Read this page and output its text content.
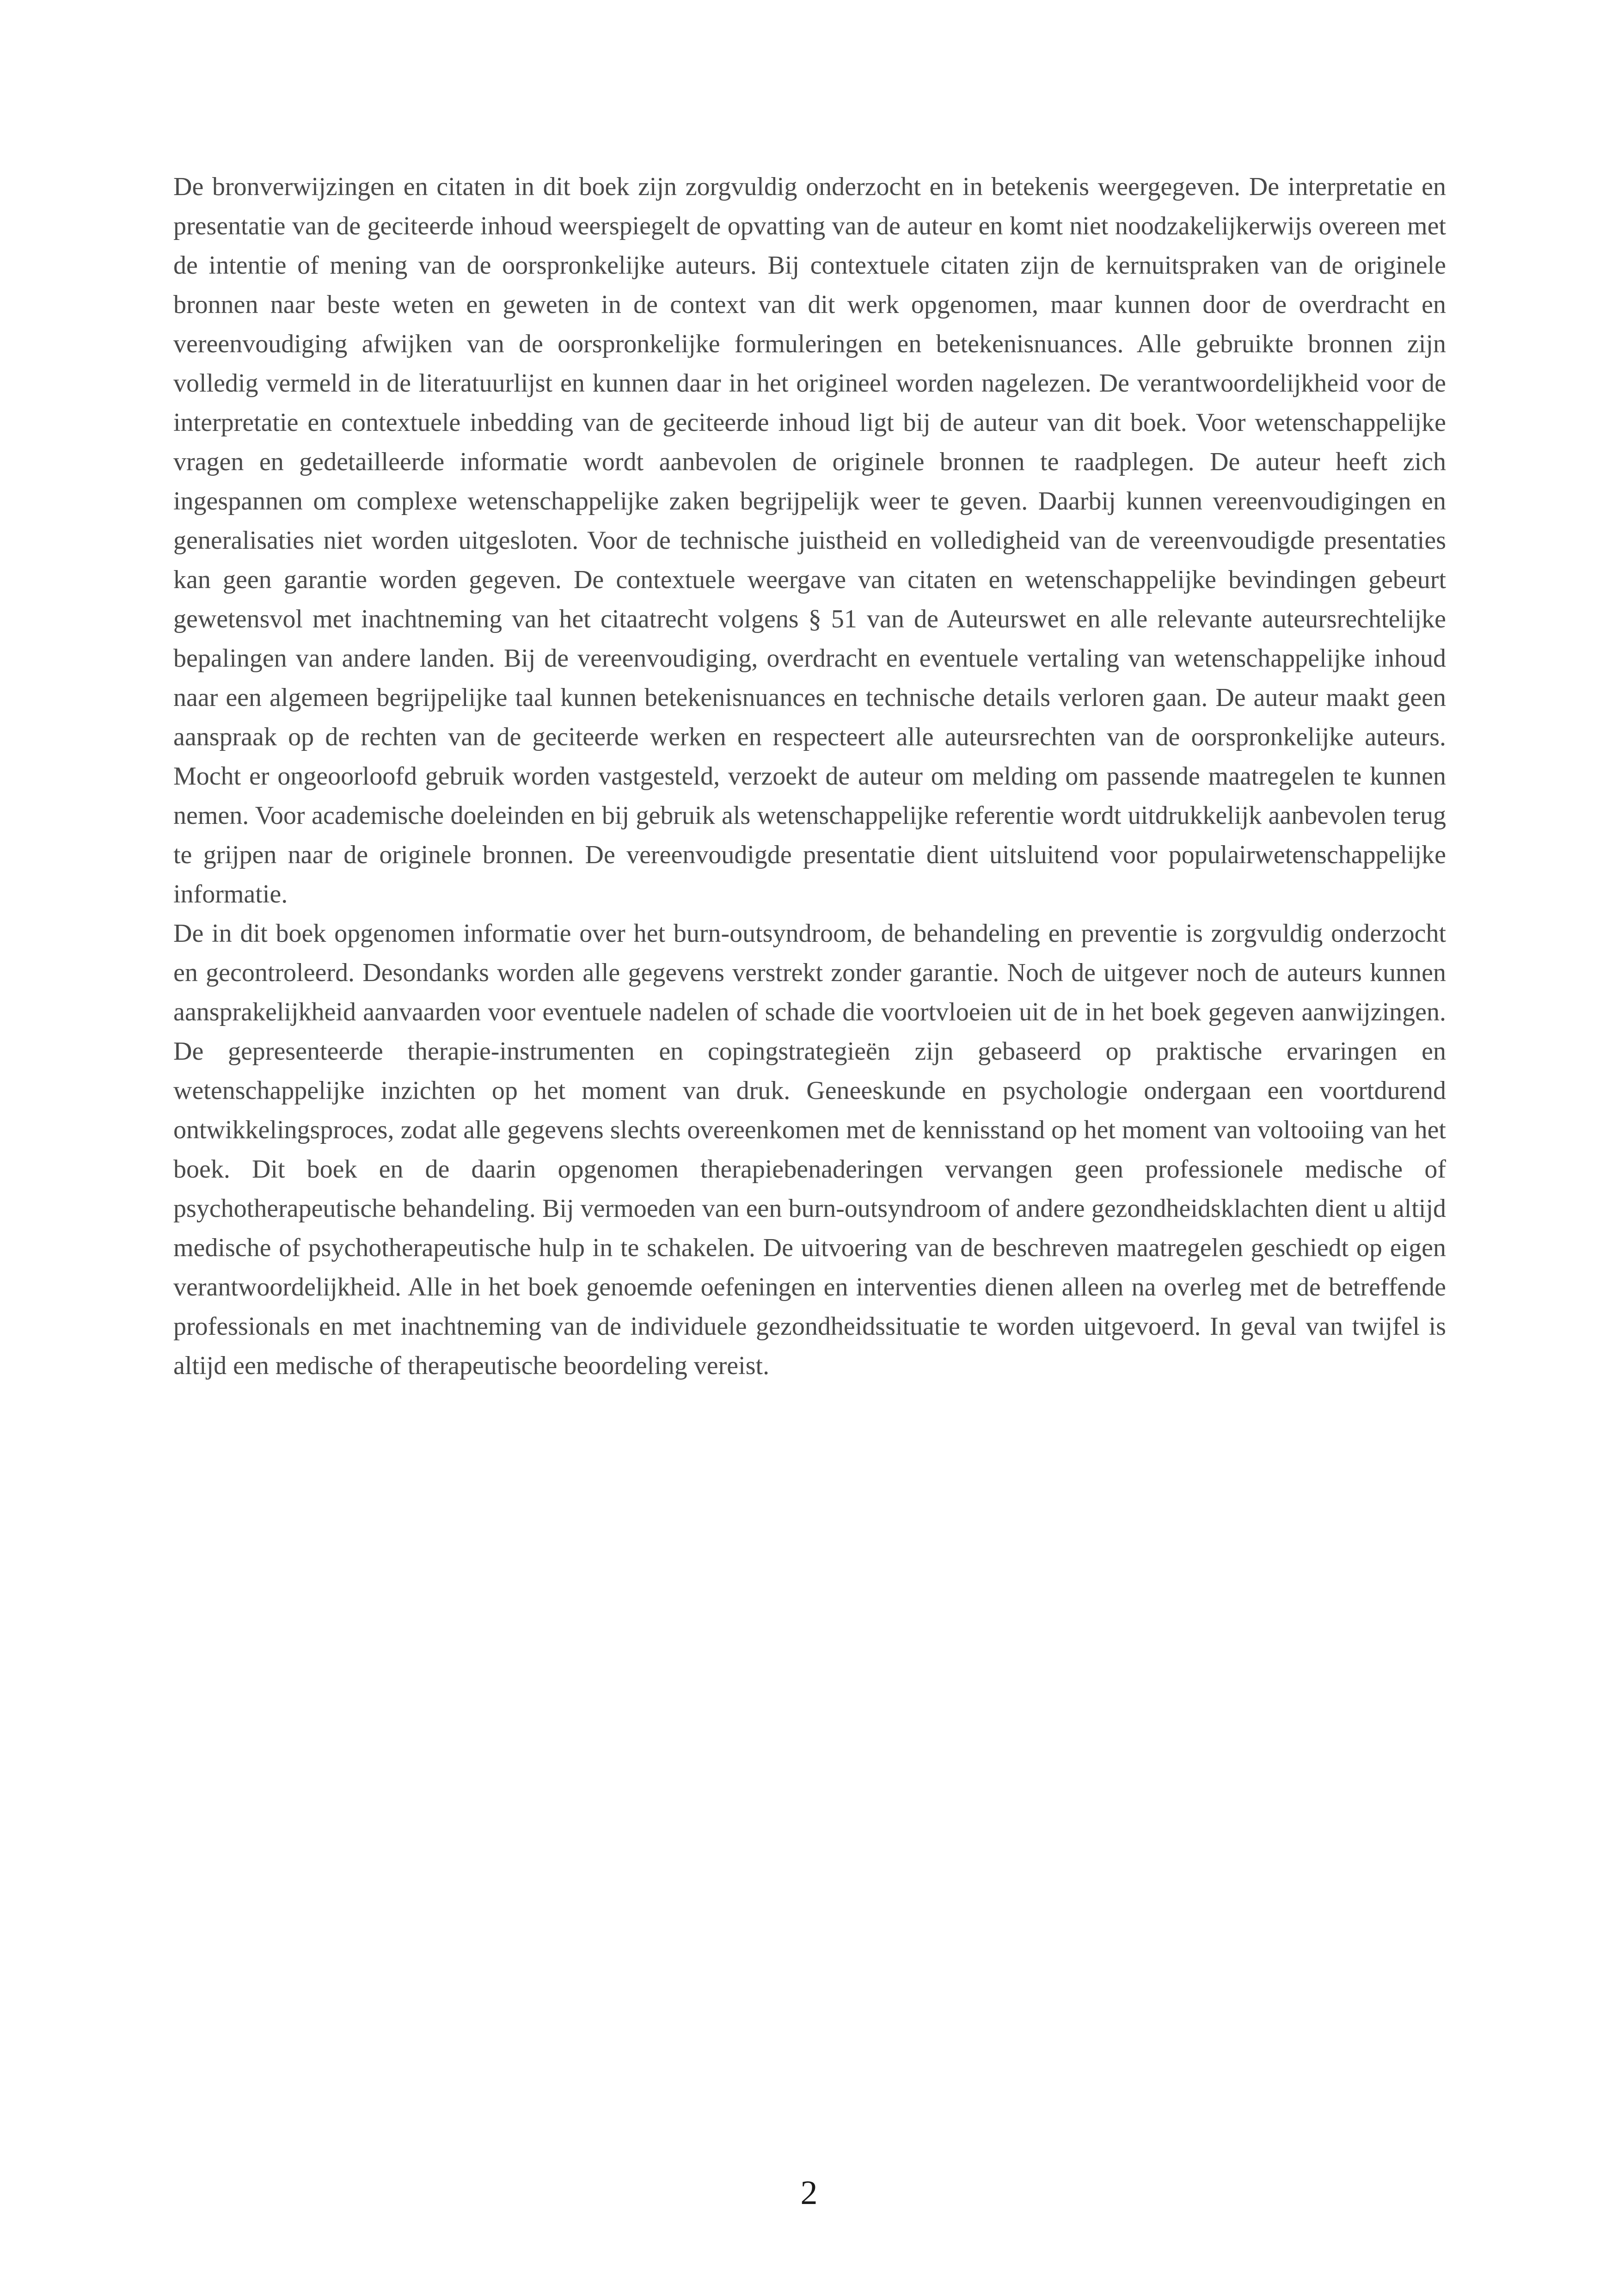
De bronverwijzingen en citaten in dit boek zijn zorgvuldig onderzocht en in betekenis weergegeven. De interpretatie en presentatie van de geciteerde inhoud weerspiegelt de opvatting van de auteur en komt niet noodzakelijkerwijs overeen met de intentie of mening van de oorspronkelijke auteurs. Bij contextuele citaten zijn de kernuitspraken van de originele bronnen naar beste weten en geweten in de context van dit werk opgenomen, maar kunnen door de overdracht en vereenvoudiging afwijken van de oorspronkelijke formuleringen en betekenisnuances. Alle gebruikte bronnen zijn volledig vermeld in de literatuurlijst en kunnen daar in het origineel worden nagelezen. De verantwoordelijkheid voor de interpretatie en contextuele inbedding van de geciteerde inhoud ligt bij de auteur van dit boek. Voor wetenschappelijke vragen en gedetailleerde informatie wordt aanbevolen de originele bronnen te raadplegen. De auteur heeft zich ingespannen om complexe wetenschappelijke zaken begrijpelijk weer te geven. Daarbij kunnen vereenvoudigingen en generalisaties niet worden uitgesloten. Voor de technische juistheid en volledigheid van de vereenvoudigde presentaties kan geen garantie worden gegeven. De contextuele weergave van citaten en wetenschappelijke bevindingen gebeurt gewetensvol met inachtneming van het citaatrecht volgens § 51 van de Auteurswet en alle relevante auteursrechtelijke bepalingen van andere landen. Bij de vereenvoudiging, overdracht en eventuele vertaling van wetenschappelijke inhoud naar een algemeen begrijpelijke taal kunnen betekenisnuances en technische details verloren gaan. De auteur maakt geen aanspraak op de rechten van de geciteerde werken en respecteert alle auteursrechten van de oorspronkelijke auteurs. Mocht er ongeoorloofd gebruik worden vastgesteld, verzoekt de auteur om melding om passende maatregelen te kunnen nemen. Voor academische doeleinden en bij gebruik als wetenschappelijke referentie wordt uitdrukkelijk aanbevolen terug te grijpen naar de originele bronnen. De vereenvoudigde presentatie dient uitsluitend voor populairwetenschappelijke informatie.

De in dit boek opgenomen informatie over het burn-outsyndroom, de behandeling en preventie is zorgvuldig onderzocht en gecontroleerd. Desondanks worden alle gegevens verstrekt zonder garantie. Noch de uitgever noch de auteurs kunnen aansprakelijkheid aanvaarden voor eventuele nadelen of schade die voortvloeien uit de in het boek gegeven aanwijzingen. De gepresenteerde therapie-instrumenten en copingstrategieën zijn gebaseerd op praktische ervaringen en wetenschappelijke inzichten op het moment van druk. Geneeskunde en psychologie ondergaan een voortdurend ontwikkelingsproces, zodat alle gegevens slechts overeenkomen met de kennisstand op het moment van voltooiing van het boek. Dit boek en de daarin opgenomen therapiebenaderingen vervangen geen professionele medische of psychotherapeutische behandeling. Bij vermoeden van een burn-outsyndroom of andere gezondheidsklachten dient u altijd medische of psychotherapeutische hulp in te schakelen. De uitvoering van de beschreven maatregelen geschiedt op eigen verantwoordelijkheid. Alle in het boek genoemde oefeningen en interventies dienen alleen na overleg met de betreffende professionals en met inachtneming van de individuele gezondheidssituatie te worden uitgevoerd. In geval van twijfel is altijd een medische of therapeutische beoordeling vereist.

2
